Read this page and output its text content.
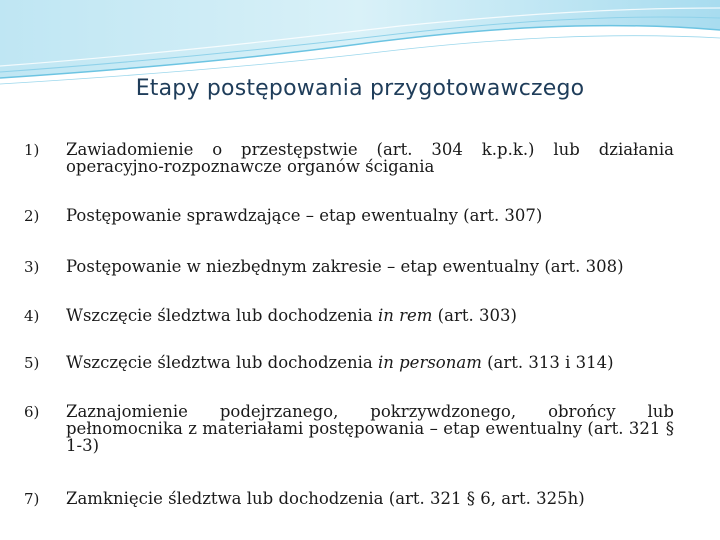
Etapy postępowania przygotowawczego
1)	Zawiadomienie o przestępstwie (art. 304 k.p.k.) lub działania operacyjno-rozpoznawcze organów ścigania
2)	Postępowanie sprawdzające – etap ewentualny (art. 307)
3)	Postępowanie w niezbędnym zakresie – etap ewentualny (art. 308)
4)	Wszczęcie śledztwa lub dochodzenia in rem (art. 303)
5)	Wszczęcie śledztwa lub dochodzenia in personam (art. 313 i 314)
6)	Zaznajomienie podejrzanego, pokrzywdzonego, obrońcy lub pełnomocnika z materiałami postępowania – etap ewentualny (art. 321 § 1-3)
7)	Zamknięcie śledztwa lub dochodzenia (art. 321 § 6, art. 325h)
